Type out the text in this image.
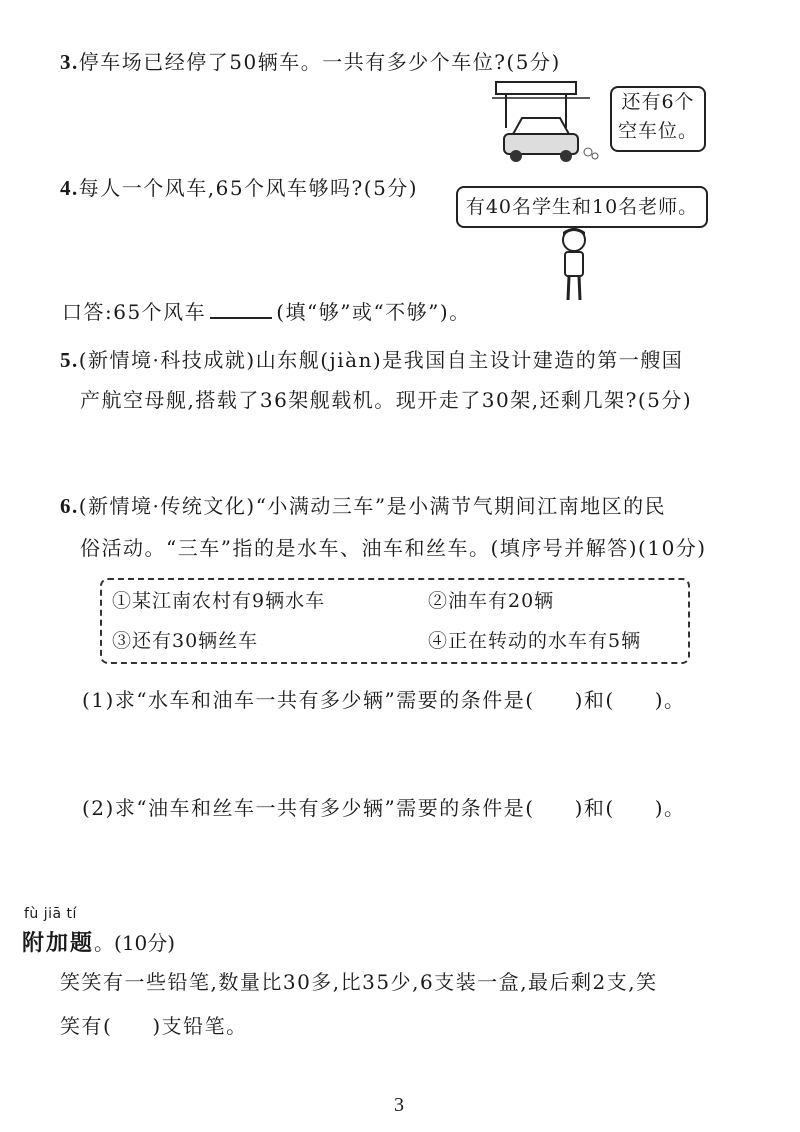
3.停车场已经停了50辆车。一共有多少个车位?(5分)
还有6个
空车位。
4.每人一个风车,65个风车够吗?(5分)
有40名学生和10名老师。
口答:65个风车	(填“够”或“不够”)。
5.(新情境·科技成就)山东舰(jiàn)是我国自主设计建造的第一艘国
产航空母舰,搭载了36架舰载机。现开走了30架,还剩几架?(5分)
6.(新情境·传统文化)“小满动三车”是小满节气期间江南地区的民
俗活动。“三车”指的是水车、油车和丝车。(填序号并解答)(10分)
①某江南农村有9辆水车	②油车有20辆
③还有30辆丝车	④正在转动的水车有5辆
(1)求“水车和油车一共有多少辆”需要的条件是( )和( )。
(2)求“油车和丝车一共有多少辆”需要的条件是( )和( )。
fù jiā tí
附加题。(10分)
笑笑有一些铅笔,数量比30多,比35少,6支装一盒,最后剩2支,笑
笑有( )支铅笔。
3
